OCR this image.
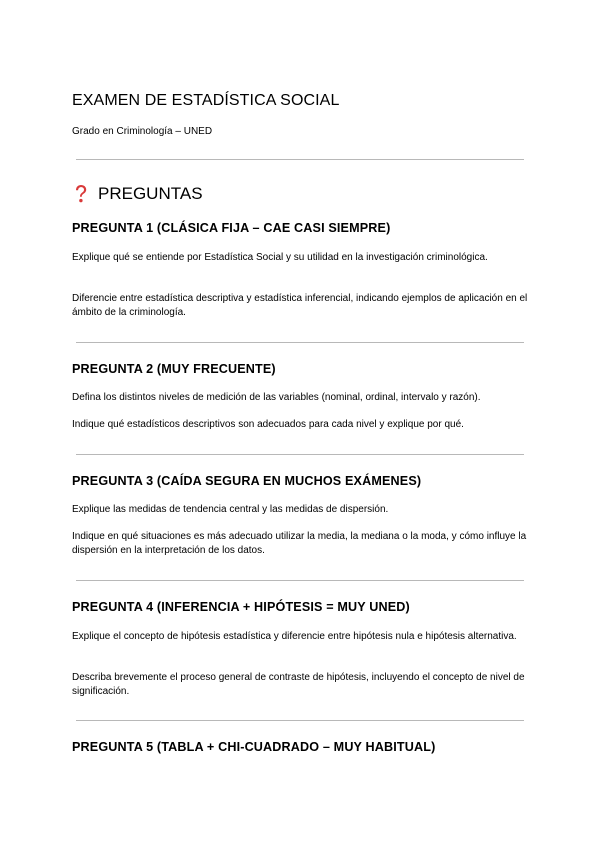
EXAMEN DE ESTADÍSTICA SOCIAL

Grado en Criminología – UNED

PREGUNTAS
PREGUNTA 1 (CLÁSICA FIJA – CAE CASI SIEMPRE)

Explique qué se entiende por Estadística Social y su utilidad en la investigación criminológica.

Diferencie entre estadística descriptiva y estadística inferencial, indicando ejemplos de aplicación en el ámbito de la criminología.

PREGUNTA 2 (MUY FRECUENTE)

Defina los distintos niveles de medición de las variables (nominal, ordinal, intervalo y razón).

Indique qué estadísticos descriptivos son adecuados para cada nivel y explique por qué.

PREGUNTA 3 (CAÍDA SEGURA EN MUCHOS EXÁMENES)

Explique las medidas de tendencia central y las medidas de dispersión.

Indique en qué situaciones es más adecuado utilizar la media, la mediana o la moda, y cómo influye la dispersión en la interpretación de los datos.

PREGUNTA 4 (INFERENCIA + HIPÓTESIS = MUY UNED)

Explique el concepto de hipótesis estadística y diferencie entre hipótesis nula e hipótesis alternativa.

Describa brevemente el proceso general de contraste de hipótesis, incluyendo el concepto de nivel de significación.

PREGUNTA 5 (TABLA + CHI-CUADRADO – MUY HABITUAL)
